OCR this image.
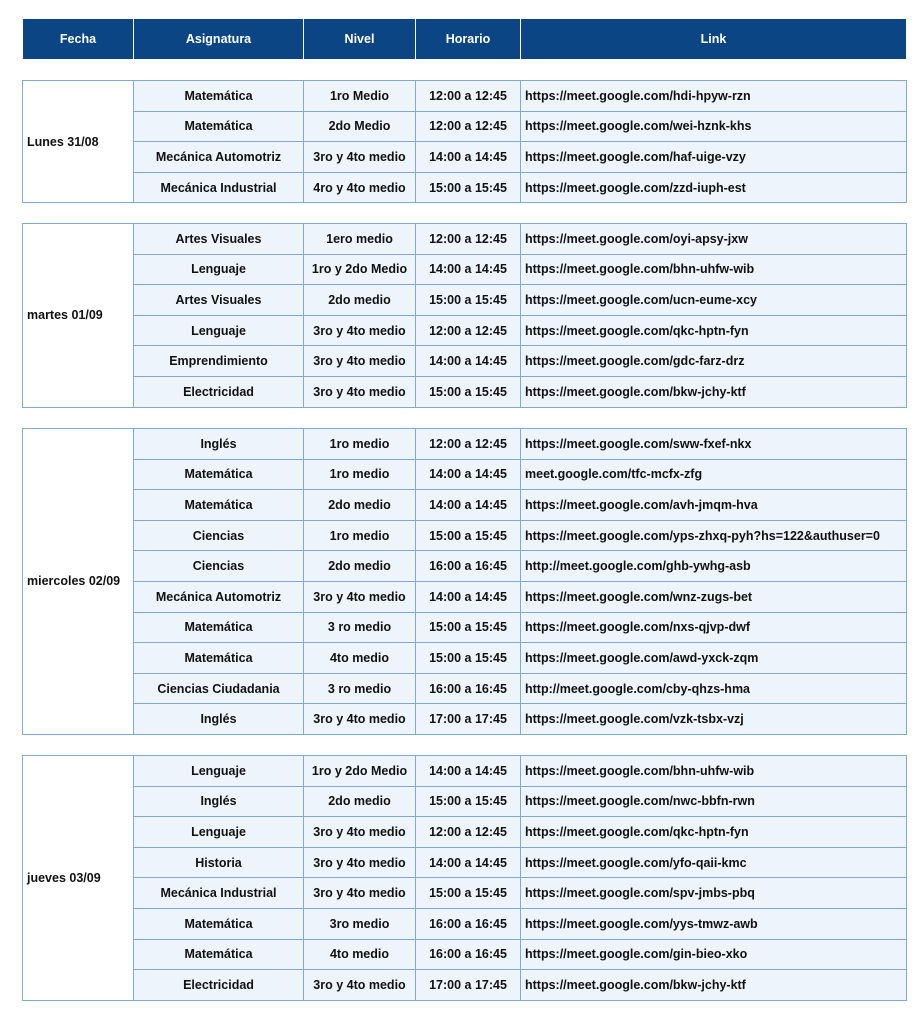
Fecha	Asignatura	Nivel	Horario	Link
Lunes 31/08	Matemática	1ro Medio	12:00 a 12:45	https://meet.google.com/hdi-hpyw-rzn
	Matemática	2do Medio	12:00 a 12:45	https://meet.google.com/wei-hznk-khs
	Mecánica Automotriz	3ro y 4to medio	14:00 a 14:45	https://meet.google.com/haf-uige-vzy
	Mecánica Industrial	4ro y 4to medio	15:00 a 15:45	https://meet.google.com/zzd-iuph-est
martes 01/09	Artes Visuales	1ero medio	12:00 a 12:45	https://meet.google.com/oyi-apsy-jxw
	Lenguaje	1ro y 2do Medio	14:00 a 14:45	https://meet.google.com/bhn-uhfw-wib
	Artes Visuales	2do medio	15:00 a 15:45	https://meet.google.com/ucn-eume-xcy
	Lenguaje	3ro y 4to medio	12:00 a 12:45	https://meet.google.com/qkc-hptn-fyn
	Emprendimiento	3ro y 4to medio	14:00 a 14:45	https://meet.google.com/gdc-farz-drz
	Electricidad	3ro y 4to medio	15:00 a 15:45	https://meet.google.com/bkw-jchy-ktf
miercoles 02/09	Inglés	1ro medio	12:00 a 12:45	https://meet.google.com/sww-fxef-nkx
	Matemática	1ro medio	14:00 a 14:45	meet.google.com/tfc-mcfx-zfg
	Matemática	2do medio	14:00 a 14:45	https://meet.google.com/avh-jmqm-hva
	Ciencias	1ro medio	15:00 a 15:45	https://meet.google.com/yps-zhxq-pyh?hs=122&authuser=0
	Ciencias	2do medio	16:00 a 16:45	http://meet.google.com/ghb-ywhg-asb
	Mecánica Automotriz	3ro y 4to medio	14:00 a 14:45	https://meet.google.com/wnz-zugs-bet
	Matemática	3 ro medio	15:00 a 15:45	https://meet.google.com/nxs-qjvp-dwf
	Matemática	4to medio	15:00 a 15:45	https://meet.google.com/awd-yxck-zqm
	Ciencias Ciudadania	3 ro medio	16:00 a 16:45	http://meet.google.com/cby-qhzs-hma
	Inglés	3ro y 4to medio	17:00 a 17:45	https://meet.google.com/vzk-tsbx-vzj
jueves 03/09	Lenguaje	1ro y 2do Medio	14:00 a 14:45	https://meet.google.com/bhn-uhfw-wib
	Inglés	2do medio	15:00 a 15:45	https://meet.google.com/nwc-bbfn-rwn
	Lenguaje	3ro y 4to medio	12:00 a 12:45	https://meet.google.com/qkc-hptn-fyn
	Historia	3ro y 4to medio	14:00 a 14:45	https://meet.google.com/yfo-qaii-kmc
	Mecánica Industrial	3ro y 4to medio	15:00 a 15:45	https://meet.google.com/spv-jmbs-pbq
	Matemática	3ro medio	16:00 a 16:45	https://meet.google.com/yys-tmwz-awb
	Matemática	4to medio	16:00 a 16:45	https://meet.google.com/gin-bieo-xko
	Electricidad	3ro y 4to medio	17:00 a 17:45	https://meet.google.com/bkw-jchy-ktf
